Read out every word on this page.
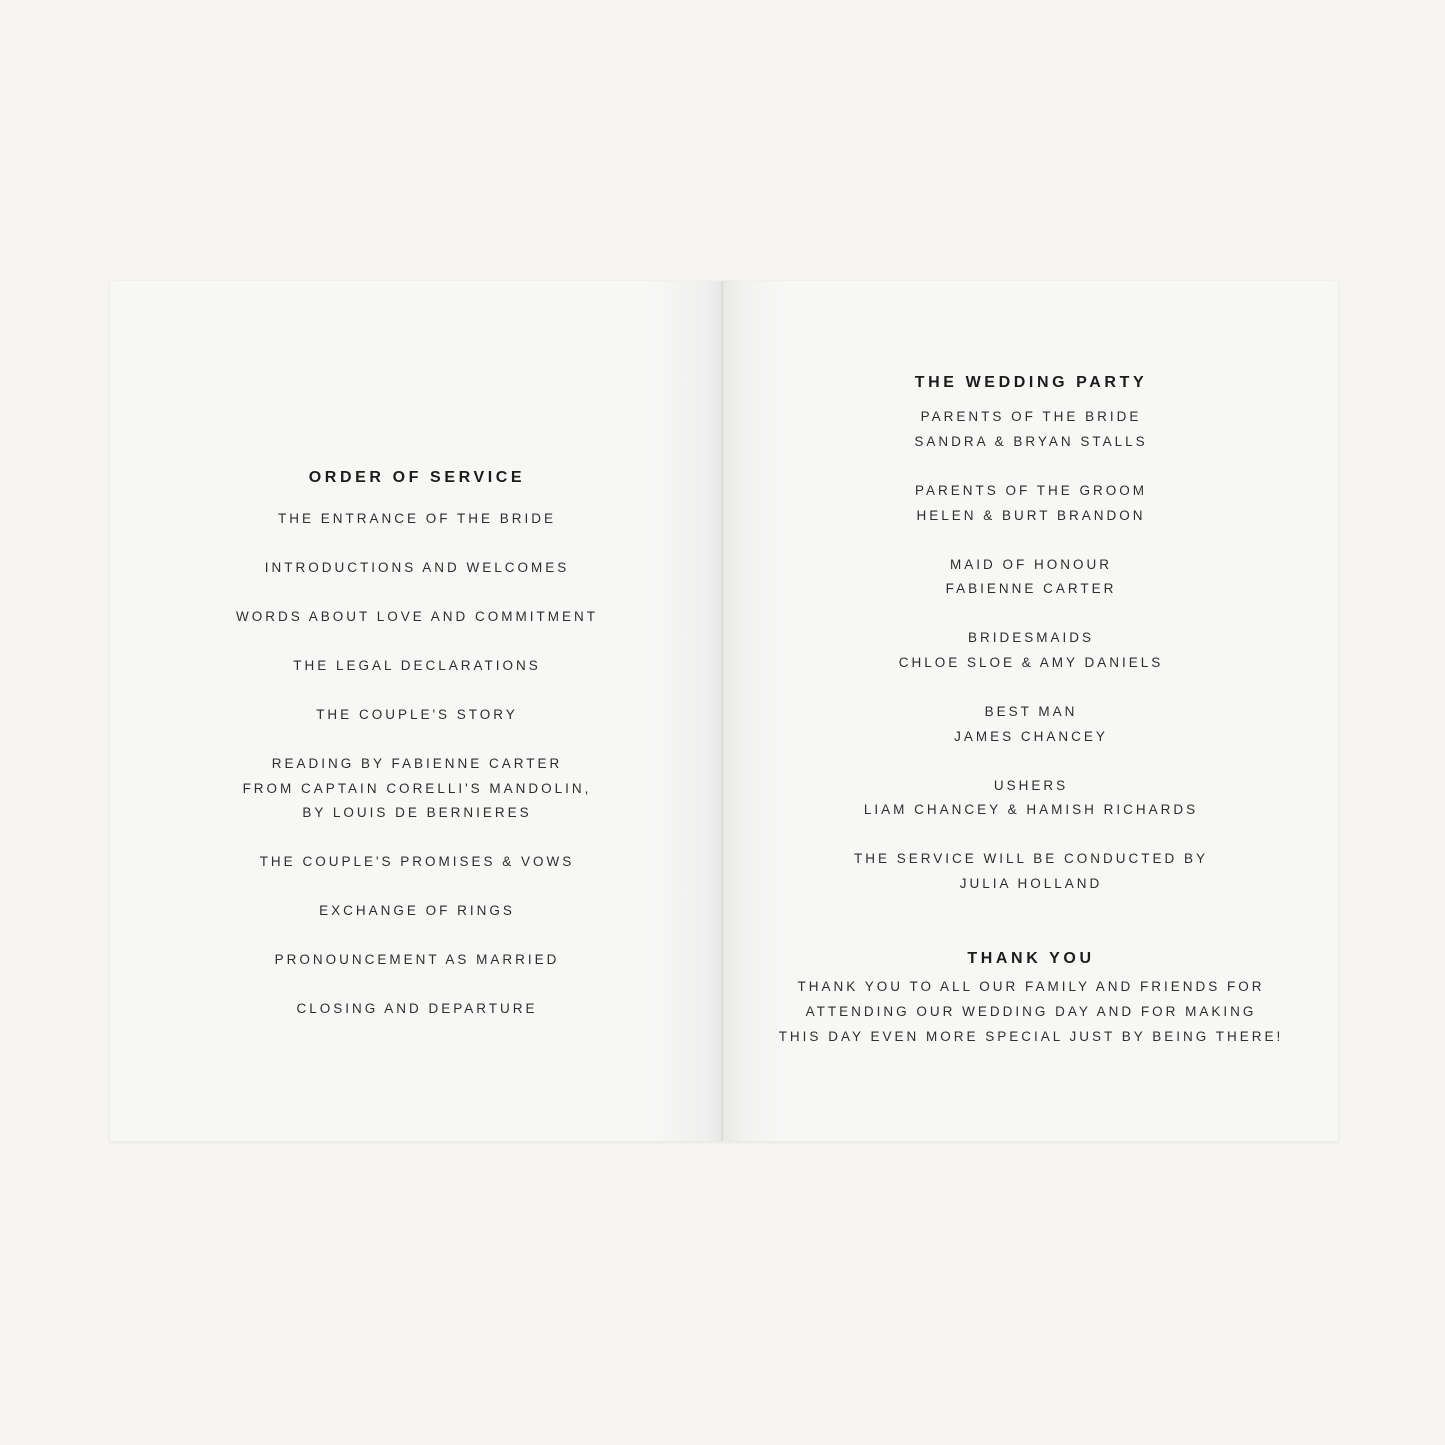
ORDER OF SERVICE
THE ENTRANCE OF THE BRIDE
INTRODUCTIONS AND WELCOMES
WORDS ABOUT LOVE AND COMMITMENT
THE LEGAL DECLARATIONS
THE COUPLE'S STORY
READING BY FABIENNE CARTER
FROM CAPTAIN CORELLI'S MANDOLIN,
BY LOUIS DE BERNIERES
THE COUPLE'S PROMISES & VOWS
EXCHANGE OF RINGS
PRONOUNCEMENT AS MARRIED
CLOSING AND DEPARTURE
THE WEDDING PARTY
PARENTS OF THE BRIDE
SANDRA & BRYAN STALLS
PARENTS OF THE GROOM
HELEN & BURT BRANDON
MAID OF HONOUR
FABIENNE CARTER
BRIDESMAIDS
CHLOE SLOE & AMY DANIELS
BEST MAN
JAMES CHANCEY
USHERS
LIAM CHANCEY & HAMISH RICHARDS
THE SERVICE WILL BE CONDUCTED BY
JULIA HOLLAND
THANK YOU
THANK YOU TO ALL OUR FAMILY AND FRIENDS FOR
ATTENDING OUR WEDDING DAY AND FOR MAKING
THIS DAY EVEN MORE SPECIAL JUST BY BEING THERE!
